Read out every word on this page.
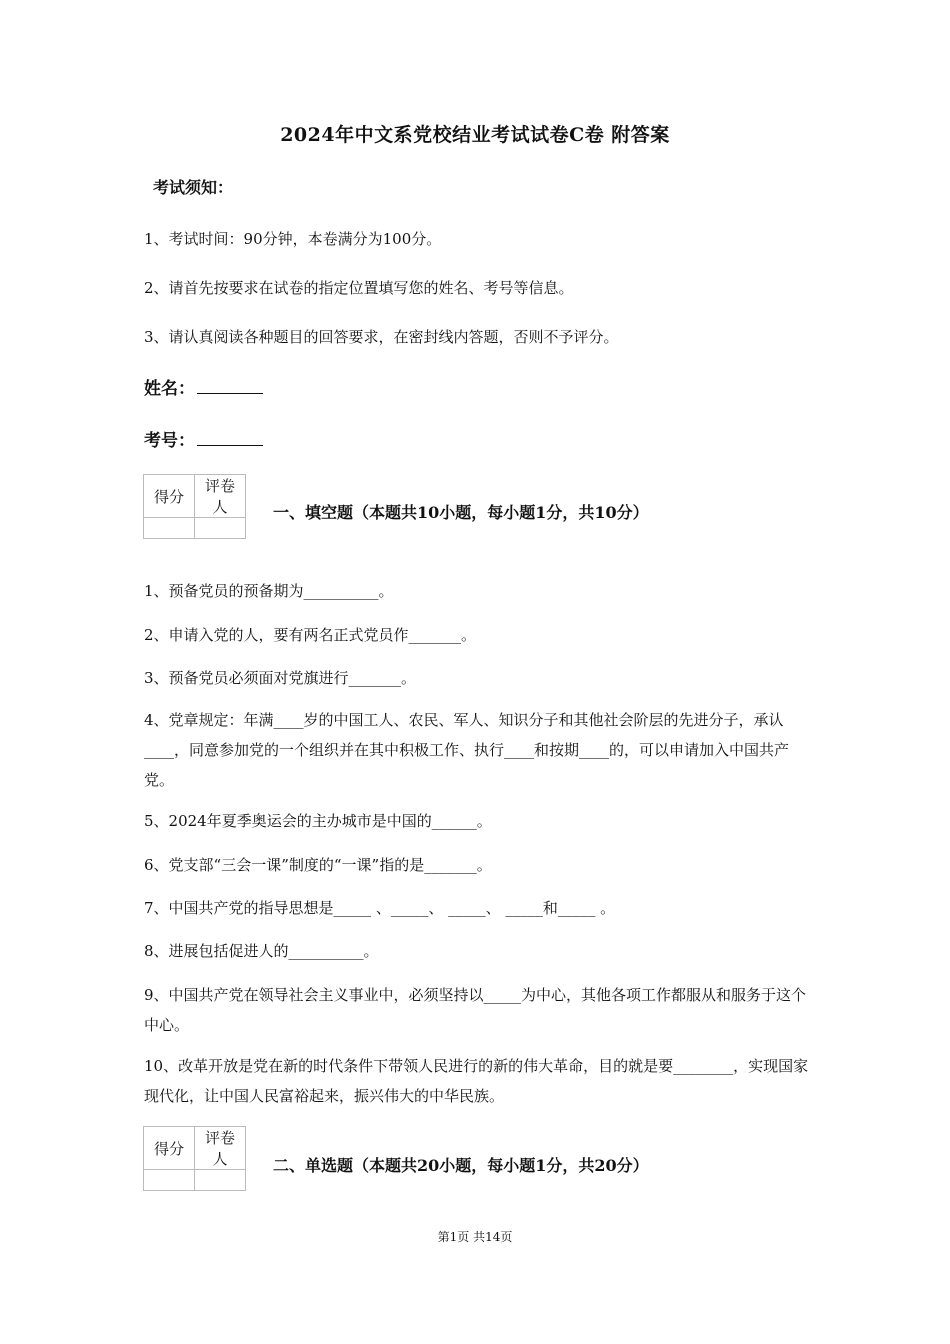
2024年中文系党校结业考试试卷C卷 附答案
考试须知：
1、考试时间：90分钟，本卷满分为100分。
2、请首先按要求在试卷的指定位置填写您的姓名、考号等信息。
3、请认真阅读各种题目的回答要求，在密封线内答题，否则不予评分。
姓名：
考号：
得分	评卷人
		一、填空题（本题共10小题，每小题1分，共10分）
1、预备党员的预备期为__________。
2、申请入党的人，要有两名正式党员作_______。
3、预备党员必须面对党旗进行_______。
4、党章规定：年满____岁的中国工人、农民、军人、知识分子和其他社会阶层的先进分子，承认____，同意参加党的一个组织并在其中积极工作、执行____和按期____的，可以申请加入中国共产党。
5、2024年夏季奥运会的主办城市是中国的______。
6、党支部“三会一课”制度的“一课”指的是_______。
7、中国共产党的指导思想是_____ 、_____、 _____、 _____和_____ 。
8、进展包括促进人的__________。
9、中国共产党在领导社会主义事业中，必须坚持以_____为中心，其他各项工作都服从和服务于这个中心。
10、改革开放是党在新的时代条件下带领人民进行的新的伟大革命，目的就是要________，实现国家现代化，让中国人民富裕起来，振兴伟大的中华民族。
得分	评卷人
		二、单选题（本题共20小题，每小题1分，共20分）
第1页 共14页
